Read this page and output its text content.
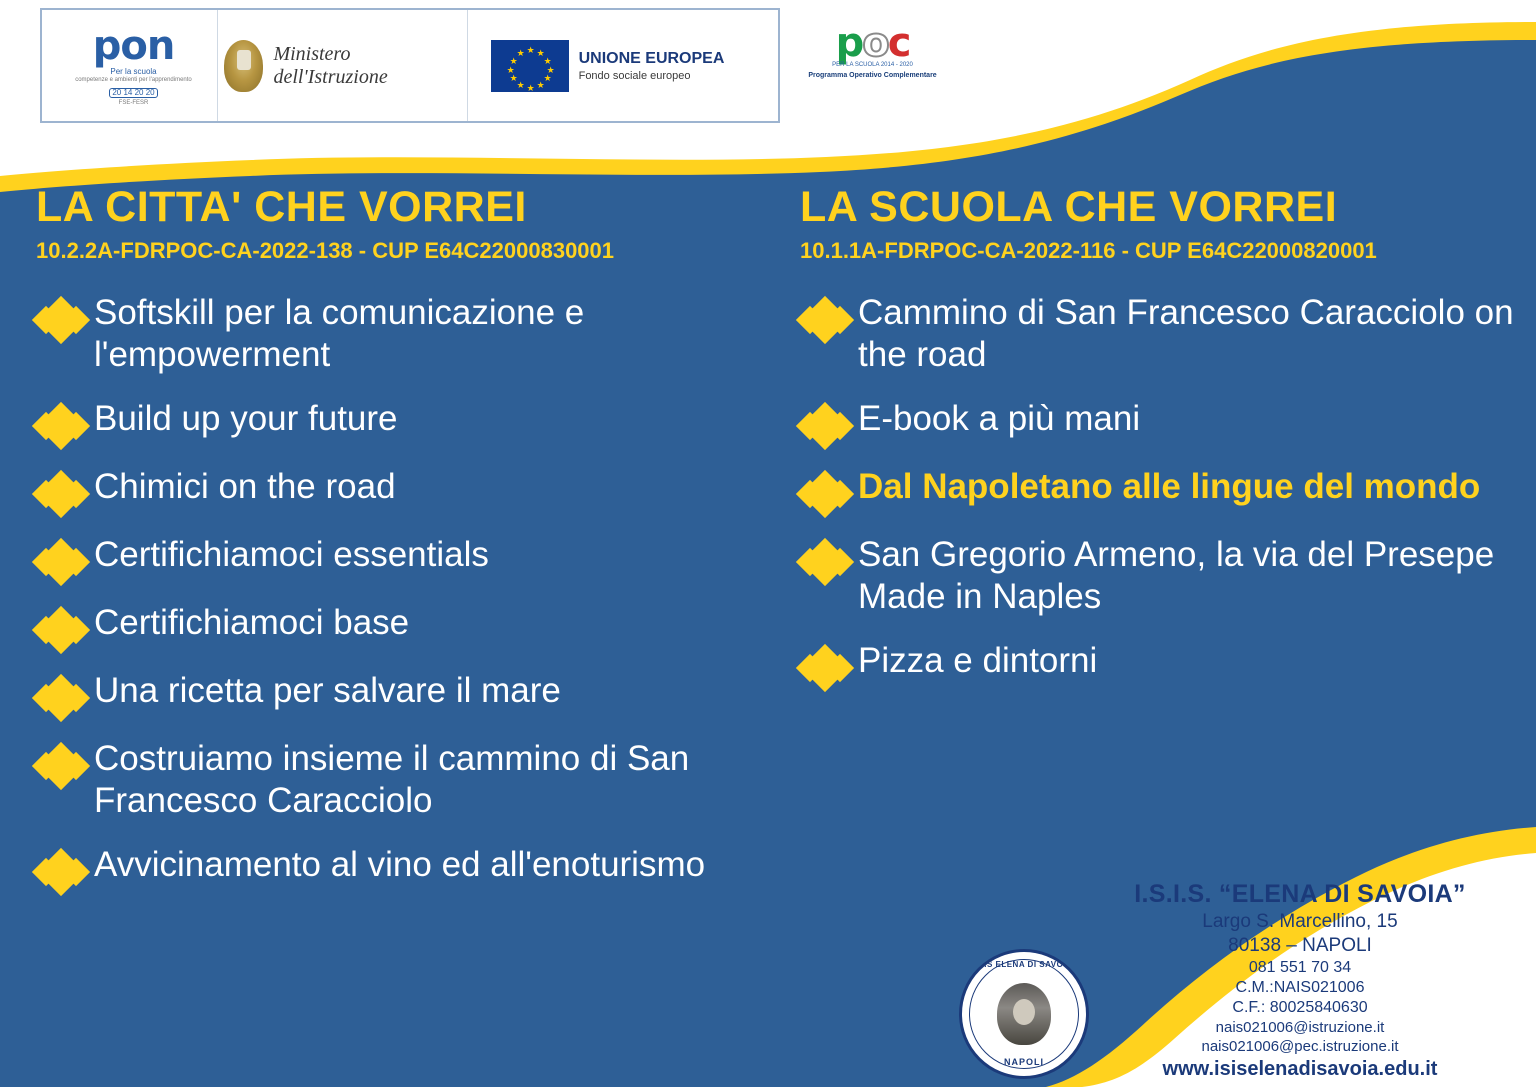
pon
Per la scuola
competenze e ambienti per l'apprendimento
20 14 20 20
FSE-FESR
Ministero dell'Istruzione
★ ★
★
★
★
★
★
★
★
★
★
★	UNIONE EUROPEA
Fondo sociale europeo
poc
PER LA SCUOLA 2014 - 2020
Programma Operativo Complementare
LA CITTA' CHE VORREI
10.2.2A-FDRPOC-CA-2022-138 - CUP E64C22000830001
Softskill per la comunicazione e l'empowerment
Build up your future
Chimici on the road
Certifichiamoci essentials
Certifichiamoci base
Una ricetta per salvare il mare
Costruiamo insieme il cammino di San Francesco Caracciolo
Avvicinamento al vino ed all'enoturismo
LA SCUOLA CHE VORREI
10.1.1A-FDRPOC-CA-2022-116 - CUP E64C22000820001
Cammino di San Francesco Caracciolo on the road
E-book a più mani
Dal Napoletano alle lingue del mondo
San Gregorio Armeno, la via del Presepe Made in Naples
Pizza e dintorni
ISIS ELENA DI SAVOIA
NAPOLI
I.S.I.S. “ELENA DI SAVOIA”
Largo S. Marcellino, 15
80138 – NAPOLI
081 551 70 34
C.M.:NAIS021006
C.F.: 80025840630
nais021006@istruzione.it
nais021006@pec.istruzione.it
www.isiselenadisavoia.edu.it
